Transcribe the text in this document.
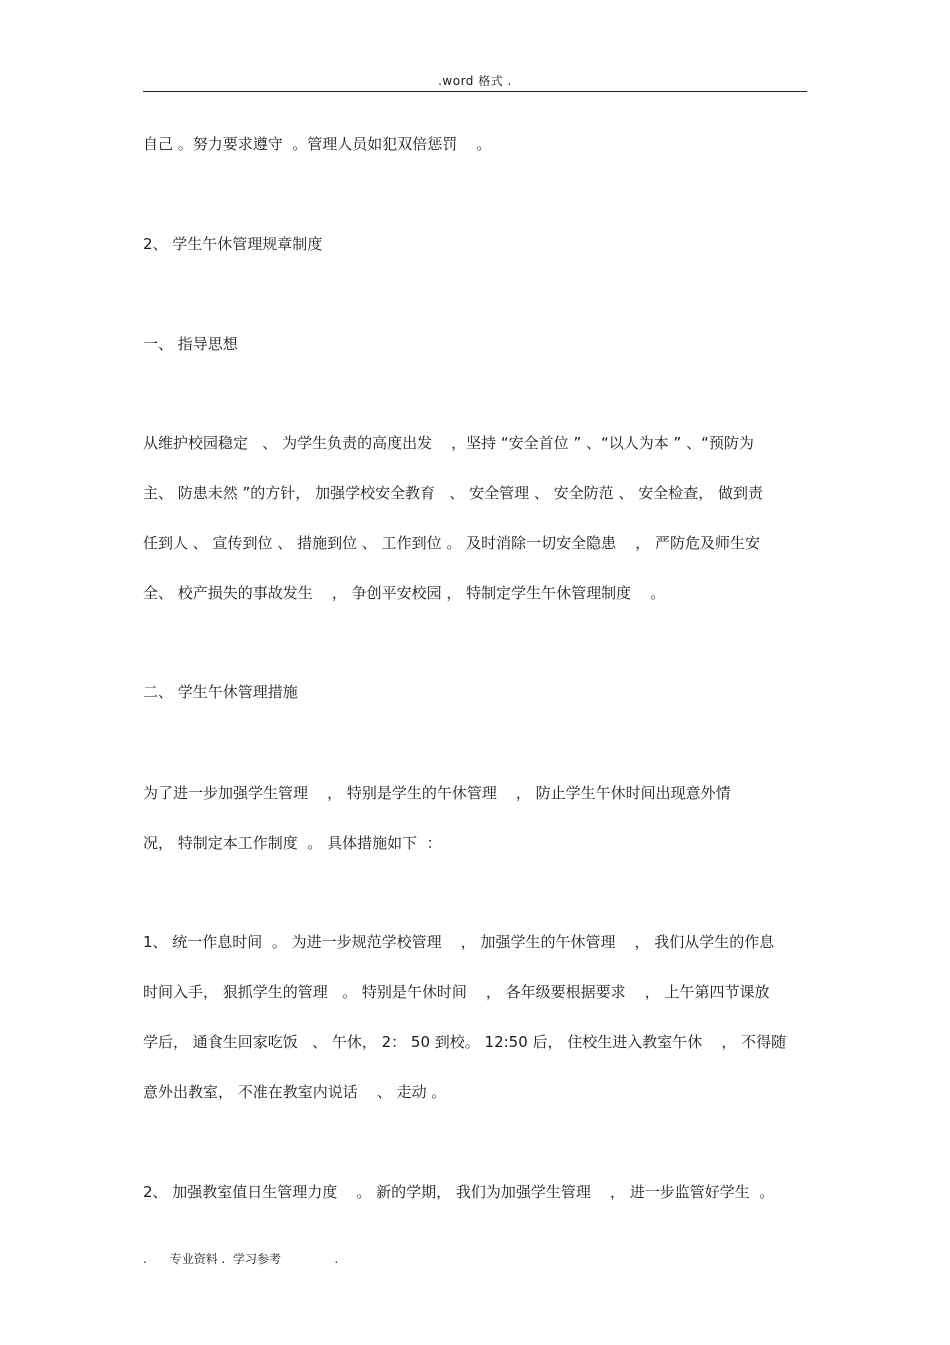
.word 格式 .
自己 。努力要求遵守  。管理人员如犯双倍惩罚    。
2、 学生午休管理规章制度
一、 指导思想
从维护校园稳定   、 为学生负责的高度出发    ，坚持 “安全首位 ” 、“以人为本 ” 、“预防为
主、 防患未然 ”的方针， 加强学校安全教育   、 安全管理 、 安全防范 、 安全检查， 做到责
任到人 、 宣传到位 、 措施到位 、 工作到位 。 及时消除一切安全隐患    ， 严防危及师生安
全、 校产损失的事故发生    ， 争创平安校园 ， 特制定学生午休管理制度    。
二、 学生午休管理措施
为了进一步加强学生管理    ， 特别是学生的午休管理    ， 防止学生午休时间出现意外情
况， 特制定本工作制度  。 具体措施如下  ：
1、 统一作息时间  。 为进一步规范学校管理    ， 加强学生的午休管理    ， 我们从学生的作息
时间入手， 狠抓学生的管理   。 特别是午休时间    ， 各年级要根据要求    ， 上午第四节课放
学后， 通食生回家吃饭   、 午休， 2： 50 到校。 12:50 后， 住校生进入教室午休    ， 不得随
意外出教室， 不准在教室内说话    、 走动 。
2、 加强教室值日生管理力度    。 新的学期， 我们为加强学生管理    ， 进一步监管好学生  。
.      专业资料 .  学习参考              .
